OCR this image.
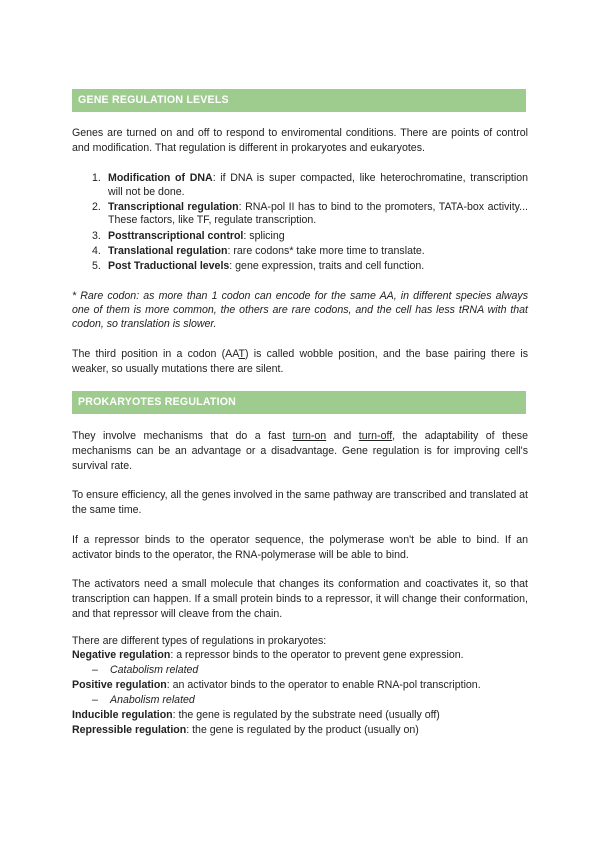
GENE REGULATION LEVELS

Genes are turned on and off to respond to enviromental conditions. There are points of control and modification. That regulation is different in prokaryotes and eukaryotes.

1. Modification of DNA: if DNA is super compacted, like heterochromatine, transcription will not be done.
2. Transcriptional regulation: RNA-pol II has to bind to the promoters, TATA-box activity... These factors, like TF, regulate transcription.
3. Posttranscriptional control: splicing
4. Translational regulation: rare codons* take more time to translate.
5. Post Traductional levels: gene expression, traits and cell function.

* Rare codon: as more than 1 codon can encode for the same AA, in different species always one of them is more common, the others are rare codons, and the cell has less tRNA with that codon, so translation is slower.

The third position in a codon (AAT) is called wobble position, and the base pairing there is weaker, so usually mutations there are silent.

PROKARYOTES REGULATION

They involve mechanisms that do a fast turn-on and turn-off, the adaptability of these mechanisms can be an advantage or a disadvantage. Gene regulation is for improving cell's survival rate.

To ensure efficiency, all the genes involved in the same pathway are transcribed and translated at the same time.

If a repressor binds to the operator sequence, the polymerase won't be able to bind. If an activator binds to the operator, the RNA-polymerase will be able to bind.

The activators need a small molecule that changes its conformation and coactivates it, so that transcription can happen. If a small protein binds to a repressor, it will change their conformation, and that repressor will cleave from the chain.

There are different types of regulations in prokaryotes:
Negative regulation: a repressor binds to the operator to prevent gene expression.
– Catabolism related
Positive regulation: an activator binds to the operator to enable RNA-pol transcription.
– Anabolism related
Inducible regulation: the gene is regulated by the substrate need (usually off)
Repressible regulation: the gene is regulated by the product (usually on)
